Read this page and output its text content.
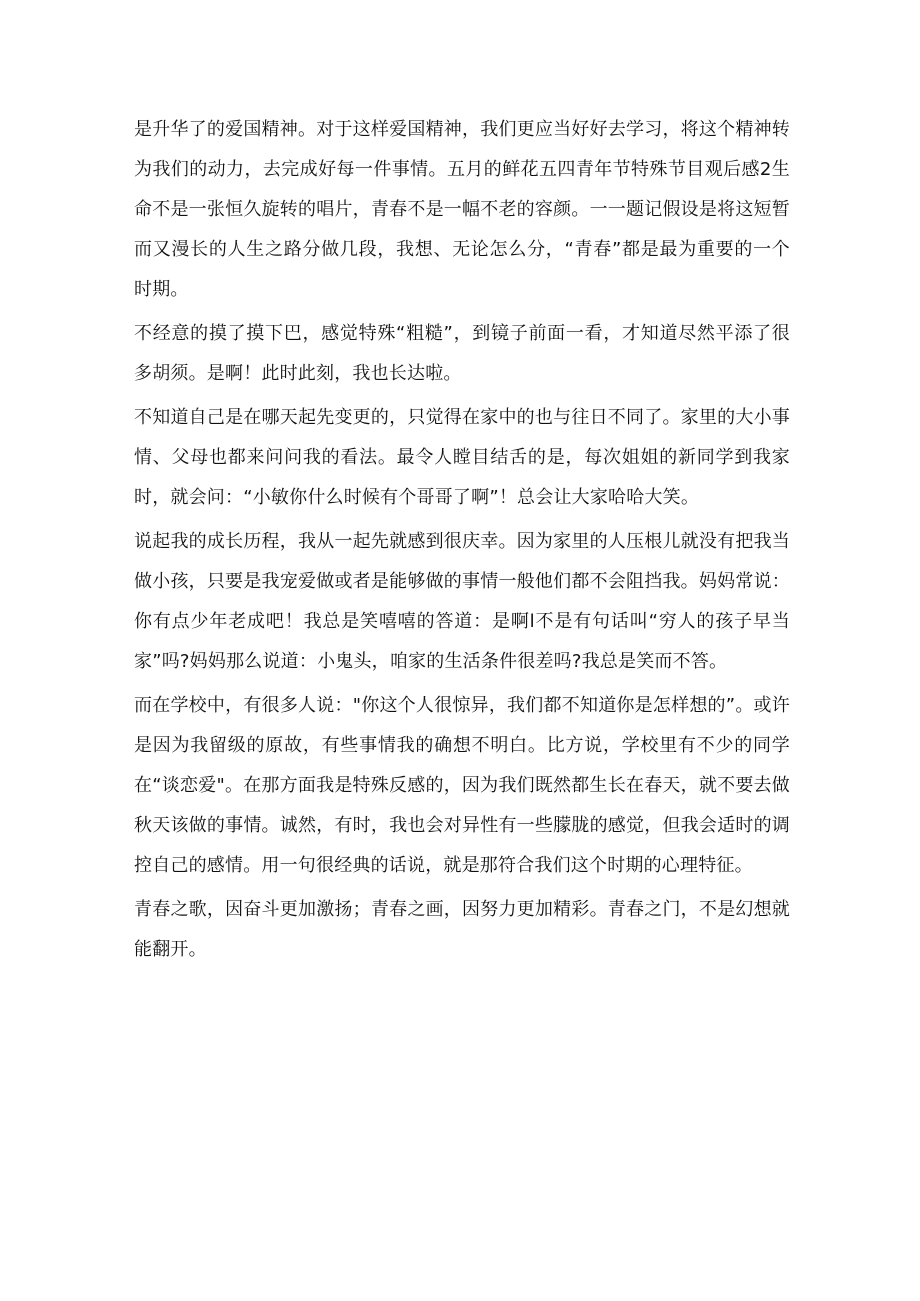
是升华了的爱国精神。对于这样爱国精神，我们更应当好好去学习，将这个精神转为我们的动力，去完成好每一件事情。五月的鲜花五四青年节特殊节目观后感2生命不是一张恒久旋转的唱片，青春不是一幅不老的容颜。一一题记假设是将这短暂而又漫长的人生之路分做几段，我想、无论怎么分，“青春”都是最为重要的一个时期。

不经意的摸了摸下巴，感觉特殊“粗糙”，到镜子前面一看，才知道尽然平添了很多胡须。是啊！此时此刻，我也长达啦。

不知道自己是在哪天起先变更的，只觉得在家中的也与往日不同了。家里的大小事情、父母也都来问问我的看法。最令人瞠目结舌的是，每次姐姐的新同学到我家时，就会问：“小敏你什么时候有个哥哥了啊”！总会让大家哈哈大笑。

说起我的成长历程，我从一起先就感到很庆幸。因为家里的人压根儿就没有把我当做小孩，只要是我宠爱做或者是能够做的事情一般他们都不会阻挡我。妈妈常说：你有点少年老成吧！我总是笑嘻嘻的答道：是啊l不是有句话叫“穷人的孩子早当家”吗?妈妈那么说道：小鬼头，咱家的生活条件很差吗?我总是笑而不答。

而在学校中，有很多人说："你这个人很惊异，我们都不知道你是怎样想的”。或许是因为我留级的原故，有些事情我的确想不明白。比方说，学校里有不少的同学在“谈恋爱"。在那方面我是特殊反感的，因为我们既然都生长在春天，就不要去做秋天该做的事情。诚然，有时，我也会对异性有一些朦胧的感觉，但我会适时的调控自己的感情。用一句很经典的话说，就是那符合我们这个时期的心理特征。

青春之歌，因奋斗更加激扬；青春之画，因努力更加精彩。青春之门，不是幻想就能翻开。
